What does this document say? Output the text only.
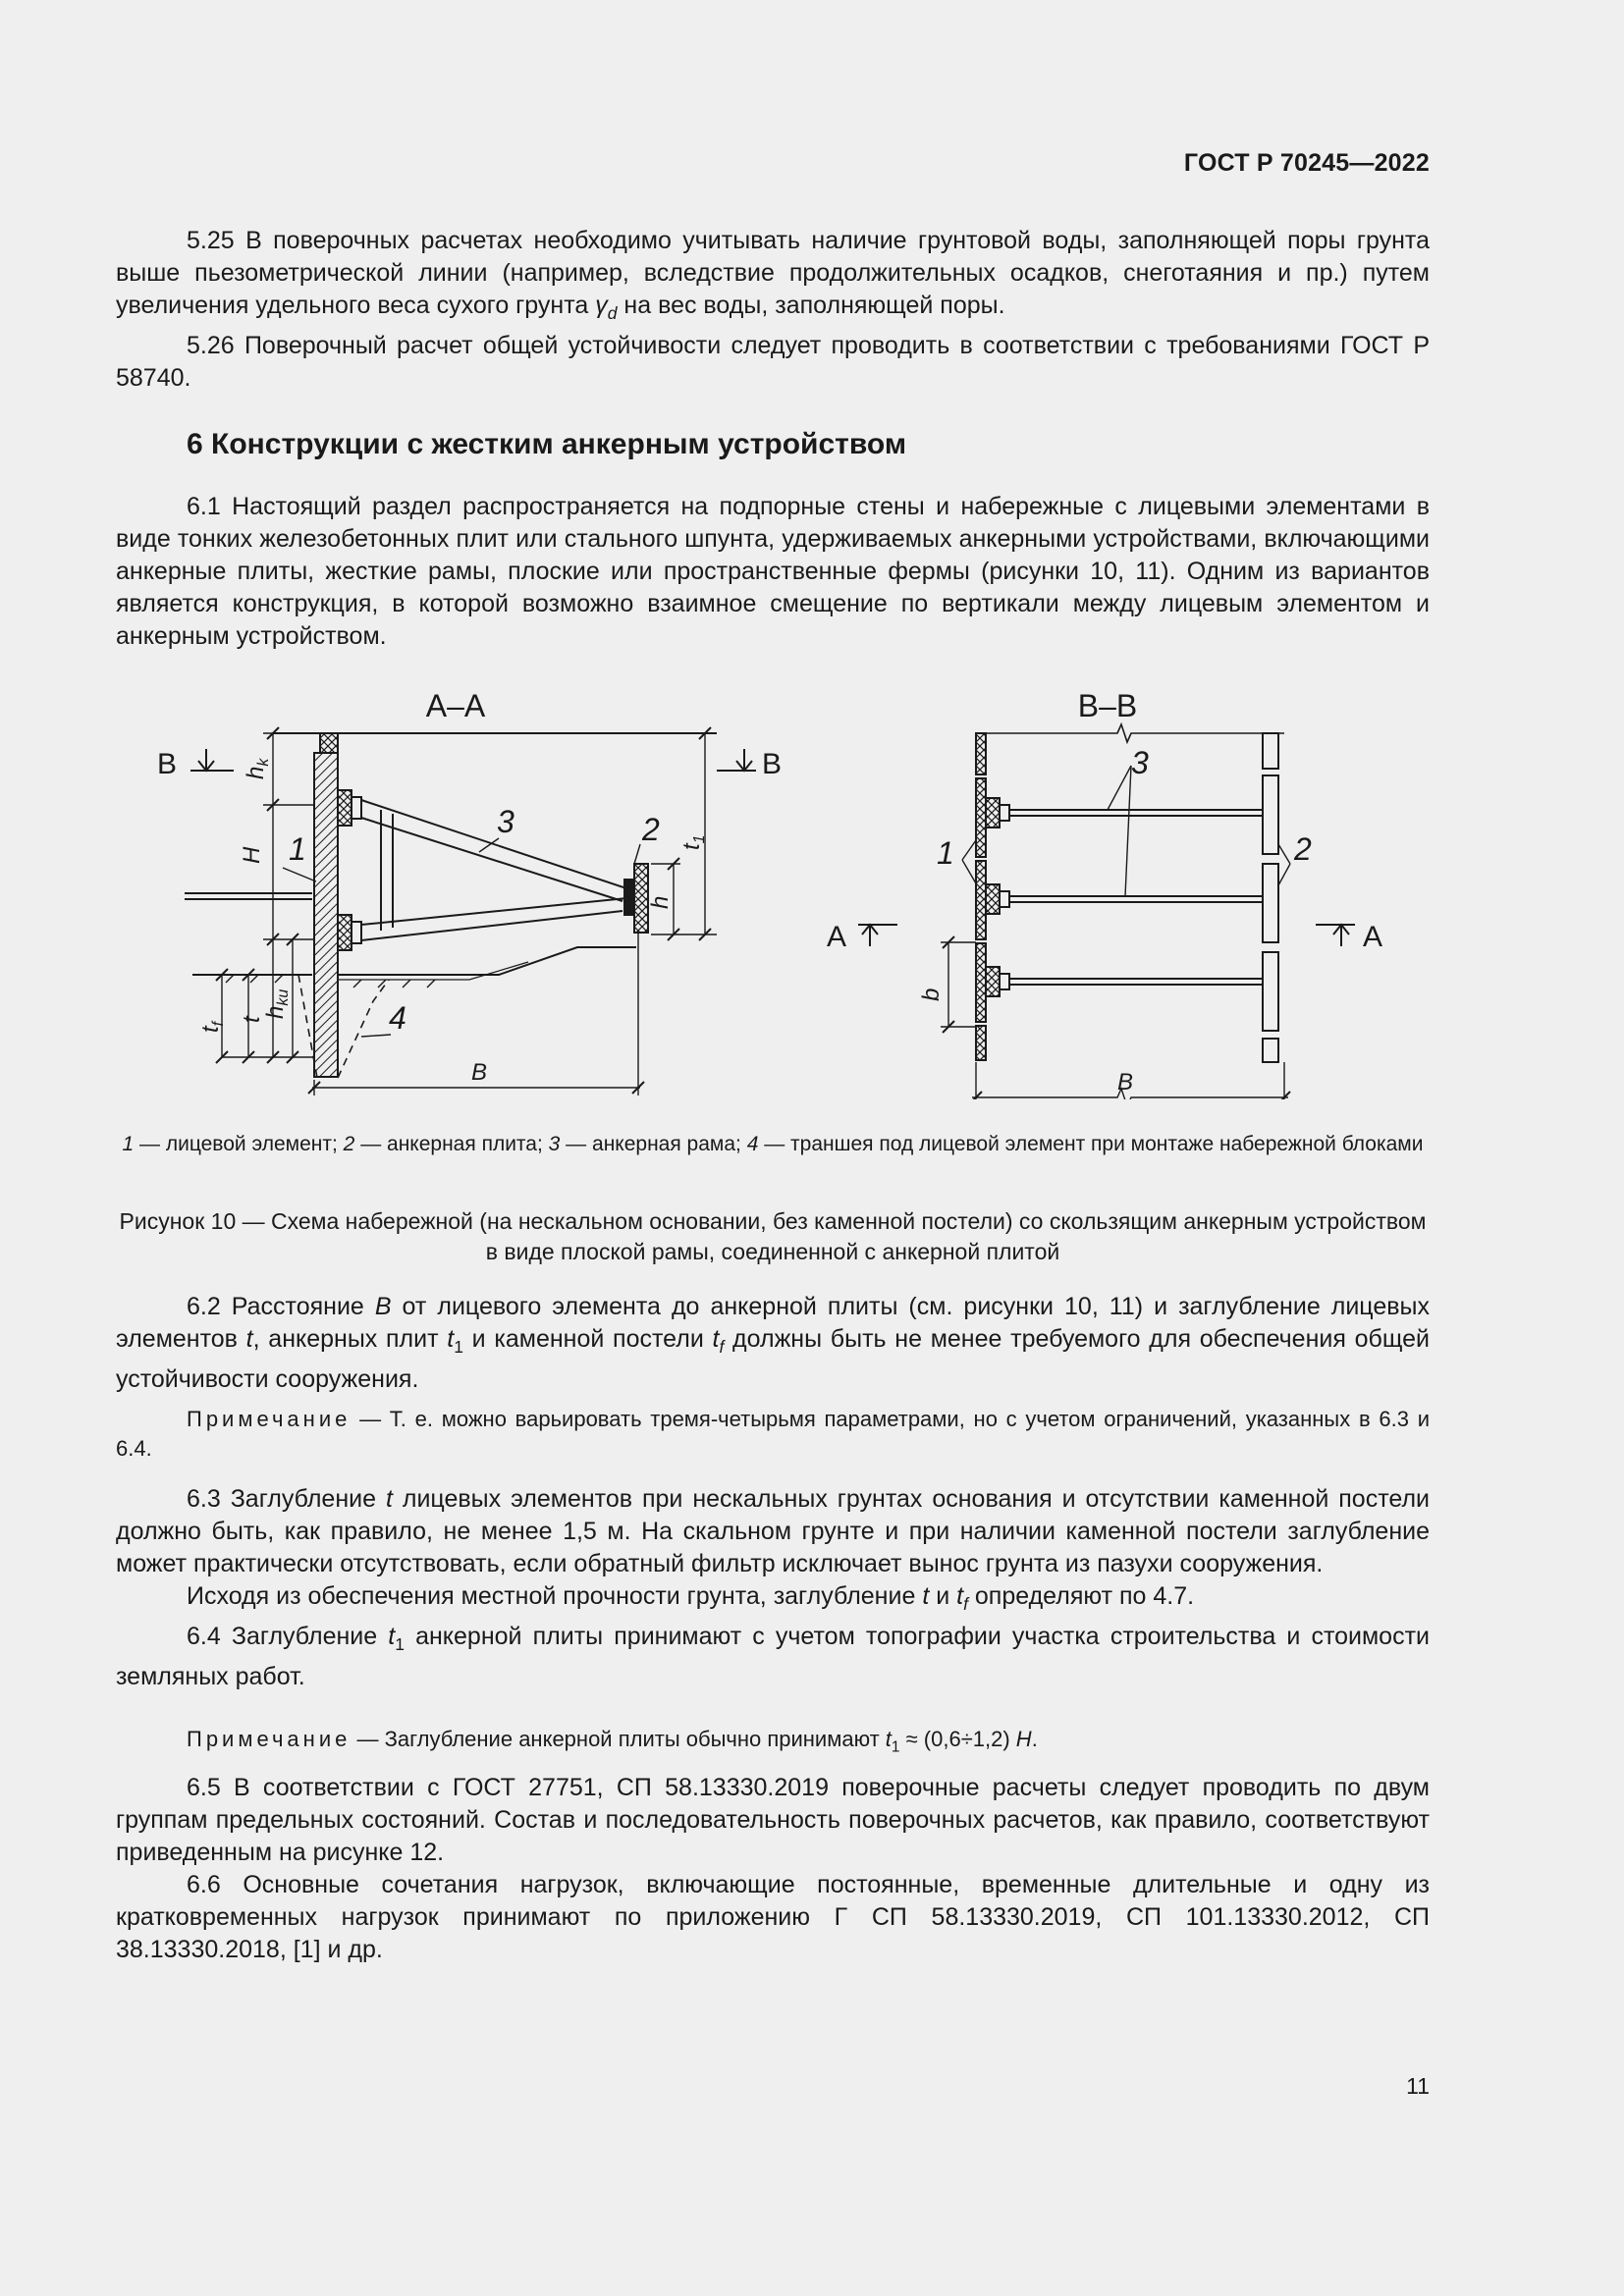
ГОСТ Р 70245—2022

5.25 В поверочных расчетах необходимо учитывать наличие грунтовой воды, заполняющей поры грунта выше пьезометрической линии (например, вследствие продолжительных осадков, снеготаяния и пр.) путем увеличения удельного веса сухого грунта $\gamma_d$ на вес воды, заполняющей поры.

5.26 Поверочный расчет общей устойчивости следует проводить в соответствии с требованиями ГОСТ Р 58740.

6 Конструкции с жестким анкерным устройством

6.1 Настоящий раздел распространяется на подпорные стены и набережные с лицевыми элементами в виде тонких железобетонных плит или стального шпунта, удерживаемых анкерными устройствами, включающими анкерные плиты, жесткие рамы, плоские или пространственные фермы (рисунки 10, 11). Одним из вариантов является конструкция, в которой возможно взаимное смещение по вертикали между лицевым элементом и анкерным устройством.

А–А
В	В
$h_k$
H
$h_{ku}$
t
$t_f$
B
$t_1$
h
1
3	2
4
В–В
1	2
3
b
B
А	А

1 — лицевой элемент; 2 — анкерная плита; 3 — анкерная рама; 4 — траншея под лицевой элемент при монтаже набережной блоками

Рисунок 10 — Схема набережной (на нескальном основании, без каменной постели) со скользящим анкерным устройством в виде плоской рамы, соединенной с анкерной плитой

6.2 Расстояние В от лицевого элемента до анкерной плиты (см. рисунки 10, 11) и заглубление лицевых элементов t, анкерных плит $t_1$ и каменной постели $t_f$ должны быть не менее требуемого для обеспечения общей устойчивости сооружения.

Примечание — Т. е. можно варьировать тремя-четырьмя параметрами, но с учетом ограничений, указанных в 6.3 и 6.4.

6.3 Заглубление t лицевых элементов при нескальных грунтах основания и отсутствии каменной постели должно быть, как правило, не менее 1,5 м. На скальном грунте и при наличии каменной постели заглубление может практически отсутствовать, если обратный фильтр исключает вынос грунта из пазухи сооружения.

Исходя из обеспечения местной прочности грунта, заглубление t и $t_f$ определяют по 4.7.

6.4 Заглубление $t_1$ анкерной плиты принимают с учетом топографии участка строительства и стоимости земляных работ.

Примечание — Заглубление анкерной плиты обычно принимают $t_1 \approx (0,6\div 1,2)$ H.

6.5 В соответствии с ГОСТ 27751, СП 58.13330.2019 поверочные расчеты следует проводить по двум группам предельных состояний. Состав и последовательность поверочных расчетов, как правило, соответствуют приведенным на рисунке 12.

6.6 Основные сочетания нагрузок, включающие постоянные, временные длительные и одну из кратковременных нагрузок принимают по приложению Г СП 58.13330.2019, СП 101.13330.2012, СП 38.13330.2018, [1] и др.

11
